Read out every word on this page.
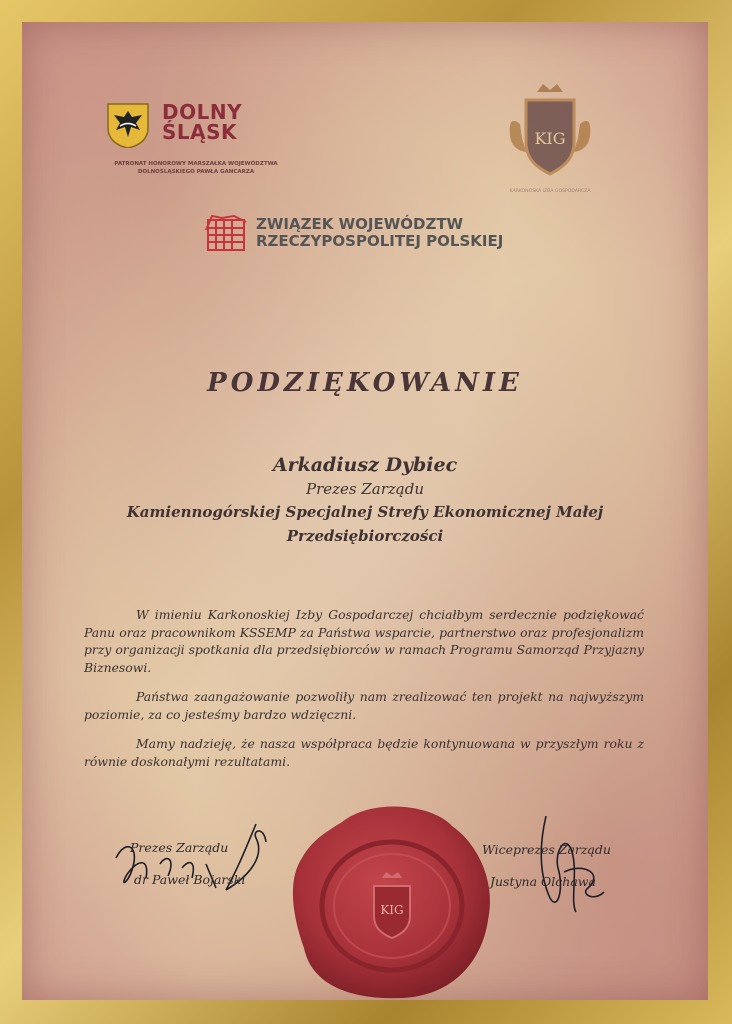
DOLNY
ŚLĄSK
PATRONAT HONOROWY MARSZAŁKA WOJEWÓDZTWA
DOLNOŚLĄSKIEGO PAWŁA GANCARZA
KIG
KARKONOSKA IZBA GOSPODARCZA
ZWIĄZEK WOJEWÓDZTW
RZECZYPOSPOLITEJ POLSKIEJ
PODZIĘKOWANIE
Arkadiusz Dybiec
Prezes Zarządu
Kamiennogórskiej Specjalnej Strefy Ekonomicznej Małej
Przedsiębiorczości

W imieniu Karkonoskiej Izby Gospodarczej chciałbym serdecznie podziękować Panu oraz pracownikom KSSEMP za Państwa wsparcie, partnerstwo oraz profesjonalizm przy organizacji spotkania dla przedsiębiorców w ramach Programu Samorząd Przyjazny Biznesowi.

Państwa zaangażowanie pozwoliły nam zrealizować ten projekt na najwyższym poziomie, za co jesteśmy bardzo wdzięczni.

Mamy nadzieję, że nasza współpraca będzie kontynuowana w przyszłym roku z równie doskonałymi rezultatami.

Prezes Zarządu
dr Paweł Bojarski
Wiceprezes Zarządu
Justyna Olchawa
KIG
